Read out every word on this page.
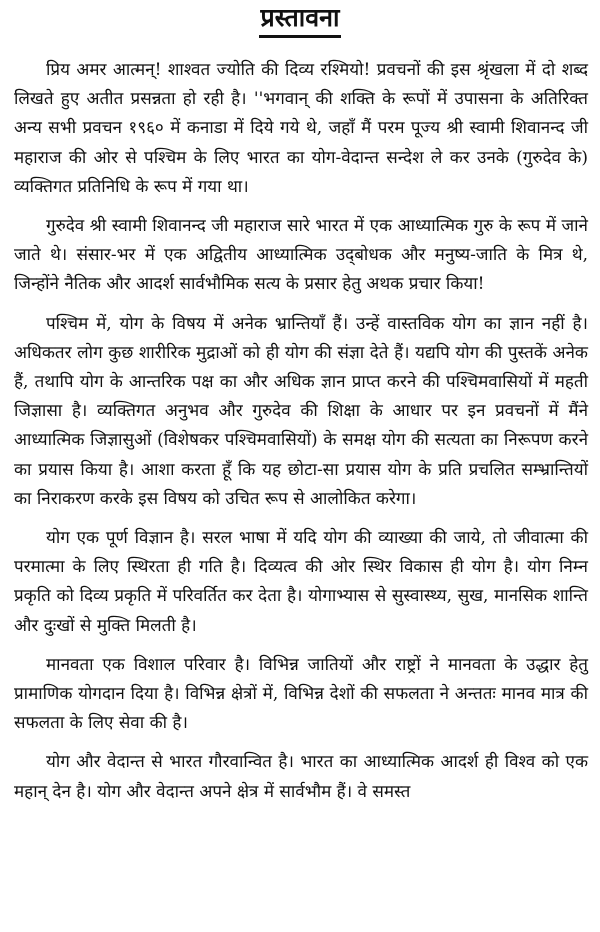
प्रस्तावना

प्रिय अमर आत्मन्! शाश्वत ज्योति की दिव्य रश्मियो! प्रवचनों की इस श्रृंखला में दो शब्द लिखते हुए अतीत प्रसन्नता हो रही है। ''भगवान् की शक्ति के रूपों में उपासना के अतिरिक्त अन्य सभी प्रवचन १९६० में कनाडा में दिये गये थे, जहाँ मैं परम पूज्य श्री स्वामी शिवानन्द जी महाराज की ओर से पश्चिम के लिए भारत का योग-वेदान्त सन्देश ले कर उनके (गुरुदेव के) व्यक्तिगत प्रतिनिधि के रूप में गया था।

गुरुदेव श्री स्वामी शिवानन्द जी महाराज सारे भारत में एक आध्यात्मिक गुरु के रूप में जाने जाते थे। संसार-भर में एक अद्वितीय आध्यात्मिक उद्‌बोधक और मनुष्य-जाति के मित्र थे, जिन्होंने नैतिक और आदर्श सार्वभौमिक सत्य के प्रसार हेतु अथक प्रचार किया!

पश्चिम में, योग के विषय में अनेक भ्रान्तियाँ हैं। उन्हें वास्तविक योग का ज्ञान नहीं है। अधिकतर लोग कुछ शारीरिक मुद्राओं को ही योग की संज्ञा देते हैं। यद्यपि योग की पुस्तकें अनेक हैं, तथापि योग के आन्तरिक पक्ष का और अधिक ज्ञान प्राप्त करने की पश्चिमवासियों में महती जिज्ञासा है। व्यक्तिगत अनुभव और गुरुदेव की शिक्षा के आधार पर इन प्रवचनों में मैंने आध्यात्मिक जिज्ञासुओं (विशेषकर पश्चिमवासियों) के समक्ष योग की सत्यता का निरूपण करने का प्रयास किया है। आशा करता हूँ कि यह छोटा-सा प्रयास योग के प्रति प्रचलित सम्भ्रान्तियों का निराकरण करके इस विषय को उचित रूप से आलोकित करेगा।

योग एक पूर्ण विज्ञान है। सरल भाषा में यदि योग की व्याख्या की जाये, तो जीवात्मा की परमात्मा के लिए स्थिरता ही गति है। दिव्यत्व की ओर स्थिर विकास ही योग है। योग निम्न प्रकृति को दिव्य प्रकृति में परिवर्तित कर देता है। योगाभ्यास से सुस्वास्थ्य, सुख, मानसिक शान्ति और दुःखों से मुक्ति मिलती है।

मानवता एक विशाल परिवार है। विभिन्न जातियों और राष्ट्रों ने मानवता के उद्धार हेतु प्रामाणिक योगदान दिया है। विभिन्न क्षेत्रों में, विभिन्न देशों की सफलता ने अन्ततः मानव मात्र की सफलता के लिए सेवा की है।

योग और वेदान्त से भारत गौरवान्वित है। भारत का आध्यात्मिक आदर्श ही विश्व को एक महान् देन है। योग और वेदान्त अपने क्षेत्र में सार्वभौम हैं। वे समस्त
